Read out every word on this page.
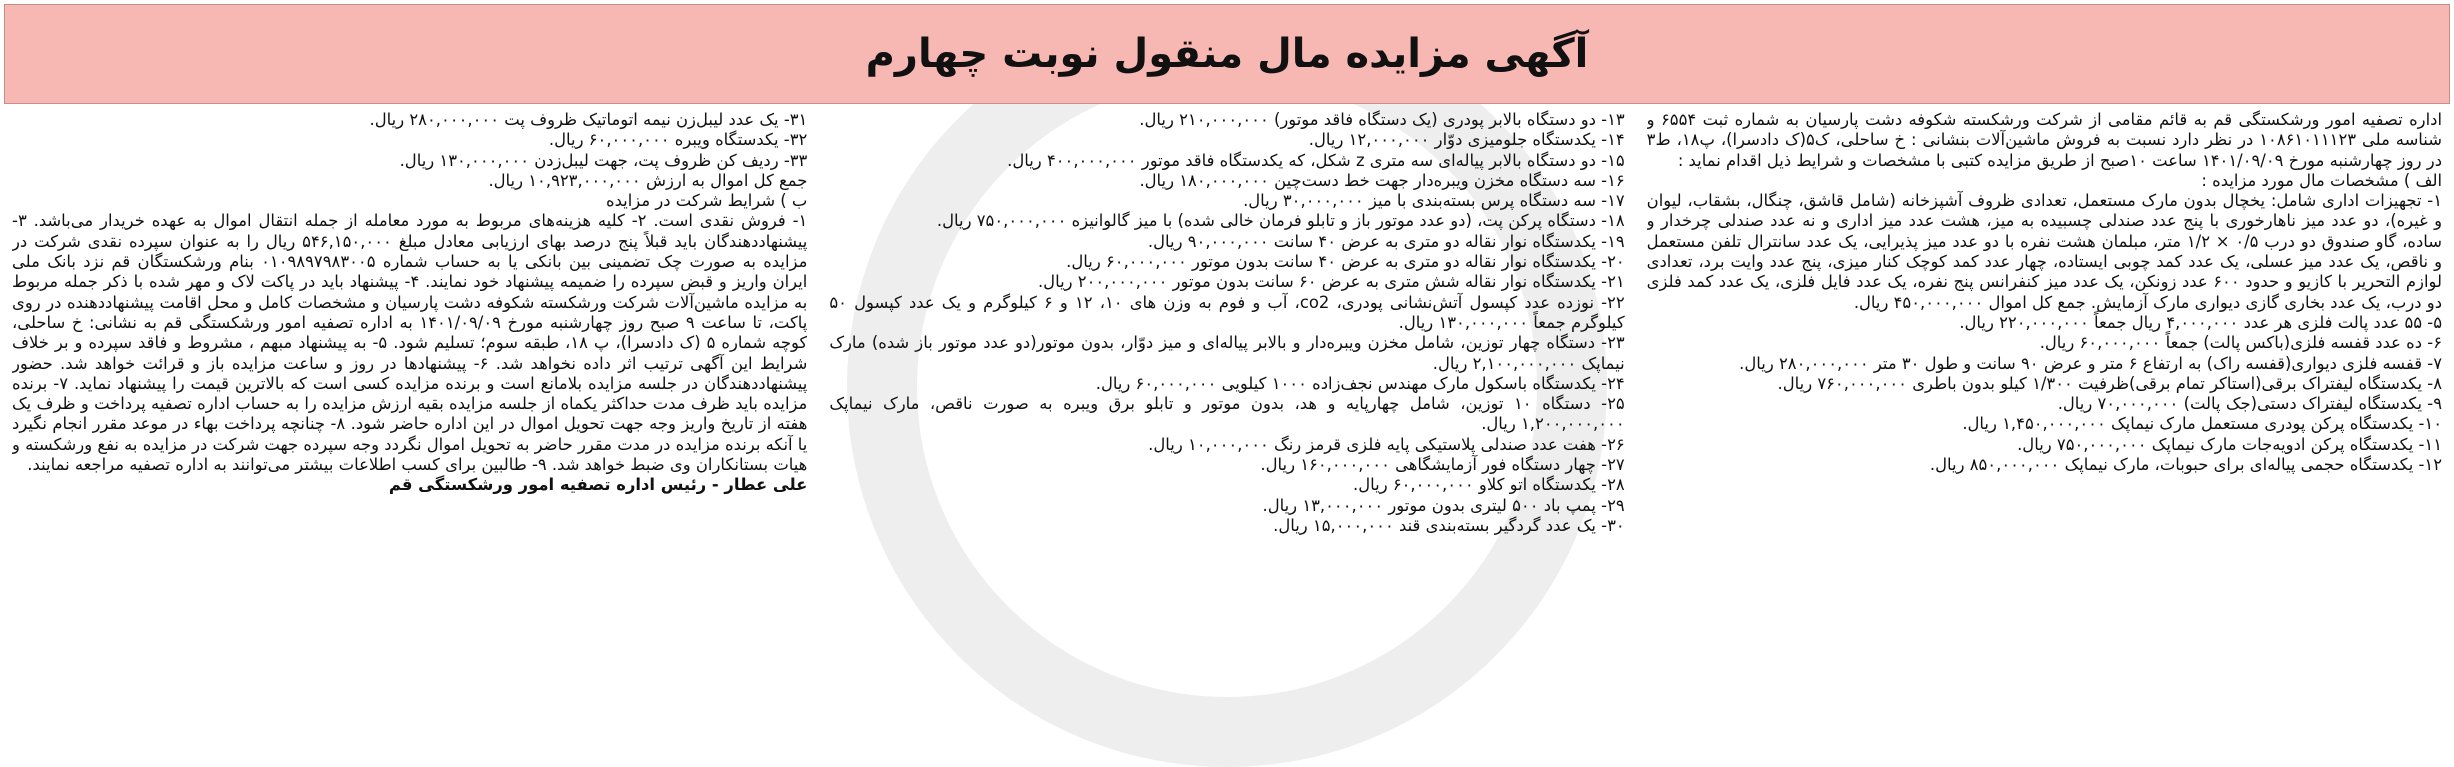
آگهی مزایده مال منقول نوبت چهارم

اداره تصفیه امور ورشکستگی قم به قائم مقامی از شرکت ورشکسته شکوفه دشت پارسیان به شماره ثبت ۶۵۵۴ و شناسه ملی ۱۰۸۶۱۰۱۱۱۲۳ در نظر دارد نسبت به فروش ماشین‌آلات بنشانی : خ ساحلی، ک۵(ک دادسرا)، پ۱۸، ط۳ در روز چهارشنبه مورخ ۱۴۰۱/۰۹/۰۹ ساعت ۱۰صبح از طریق مزایده کتبی با مشخصات و شرایط ذیل اقدام نماید :

الف ) مشخصات مال مورد مزایده :

۱- تجهیزات اداری شامل: یخچال بدون مارک مستعمل، تعدادی ظروف آشپزخانه (شامل قاشق، چنگال، بشقاب، لیوان و غیره)، دو عدد میز ناهارخوری با پنج عدد صندلی چسبیده به میز، هشت عدد میز اداری و نه عدد صندلی چرخدار و ساده، گاو صندوق دو درب ۰/۵ × ۱/۲ متر، مبلمان هشت نفره با دو عدد میز پذیرایی، یک عدد سانترال تلفن مستعمل و ناقص، یک عدد میز عسلی، یک عدد کمد چوبی ایستاده، چهار عدد کمد کوچک کنار میزی، پنج عدد وایت برد، تعدادی لوازم التحریر با کازیو و حدود ۶۰۰ عدد زونکن، یک عدد میز کنفرانس پنج نفره، یک عدد فایل فلزی، یک عدد کمد فلزی دو درب، یک عدد بخاری گازی دیواری مارک آزمایش. جمع کل اموال ۴۵۰,۰۰۰,۰۰۰ ریال.

۵- ۵۵ عدد پالت فلزی هر عدد ۴,۰۰۰,۰۰۰ ریال جمعاً ۲۲۰,۰۰۰,۰۰۰ ریال.

۶- ده عدد قفسه فلزی(باکس پالت) جمعاً ۶۰,۰۰۰,۰۰۰ ریال.

۷- قفسه فلزی دیواری(قفسه راک) به ارتفاع ۶ متر و عرض ۹۰ سانت و طول ۳۰ متر ۲۸۰,۰۰۰,۰۰۰ ریال.

۸- یکدستگاه لیفتراک برقی(استاکر تمام برقی)ظرفیت ۱/۳۰۰ کیلو بدون باطری ۷۶۰,۰۰۰,۰۰۰ ریال.

۹- یکدستگاه لیفتراک دستی(جک پالت) ۷۰,۰۰۰,۰۰۰ ریال.

۱۰- یکدستگاه پرکن پودری مستعمل مارک نیماپک ۱,۴۵۰,۰۰۰,۰۰۰ ریال.

۱۱- یکدستگاه پرکن ادویه‌جات مارک نیماپک ۷۵۰,۰۰۰,۰۰۰ ریال.

۱۲- یکدستگاه حجمی پیاله‌ای برای حبوبات، مارک نیماپک ۸۵۰,۰۰۰,۰۰۰ ریال.

۱۳- دو دستگاه بالابر پودری (یک دستگاه فاقد موتور) ۲۱۰,۰۰۰,۰۰۰ ریال.

۱۴- یکدستگاه جلومیزی دوّار ۱۲,۰۰۰,۰۰۰ ریال.

۱۵- دو دستگاه بالابر پیاله‌ای سه متری z شکل، که یکدستگاه فاقد موتور ۴۰۰,۰۰۰,۰۰۰ ریال.

۱۶- سه دستگاه مخزن ویبره‌دار جهت خط دست‌چین ۱۸۰,۰۰۰,۰۰۰ ریال.

۱۷- سه دستگاه پرس بسته‌بندی با میز ۳۰,۰۰۰,۰۰۰ ریال.

۱۸- دستگاه پرکن پت، (دو عدد موتور باز و تابلو فرمان خالی شده) با میز گالوانیزه ۷۵۰,۰۰۰,۰۰۰ ریال.

۱۹- یکدستگاه نوار نقاله دو متری به عرض ۴۰ سانت ۹۰,۰۰۰,۰۰۰ ریال.

۲۰- یکدستگاه نوار نقاله دو متری به عرض ۴۰ سانت بدون موتور ۶۰,۰۰۰,۰۰۰ ریال.

۲۱- یکدستگاه نوار نقاله شش متری به عرض ۶۰ سانت بدون موتور ۲۰۰,۰۰۰,۰۰۰ ریال.

۲۲- نوزده عدد کپسول آتش‌نشانی پودری، co2، آب و فوم به وزن های ۱۰، ۱۲ و ۶ کیلوگرم و یک عدد کپسول ۵۰ کیلوگرم جمعاً ۱۳۰,۰۰۰,۰۰۰ ریال.

۲۳- دستگاه چهار توزین، شامل مخزن ویبره‌دار و بالابر پیاله‌ای و میز دوّار، بدون موتور(دو عدد موتور باز شده) مارک نیماپک ۲,۱۰۰,۰۰۰,۰۰۰ ریال.

۲۴- یکدستگاه باسکول مارک مهندس نجف‌زاده ۱۰۰۰ کیلویی ۶۰,۰۰۰,۰۰۰ ریال.

۲۵- دستگاه ۱۰ توزین، شامل چهارپایه و هد، بدون موتور و تابلو برق ویبره به صورت ناقص، مارک نیماپک ۱,۲۰۰,۰۰۰,۰۰۰ ریال.

۲۶- هفت عدد صندلی پلاستیکی پایه فلزی قرمز رنگ ۱۰,۰۰۰,۰۰۰ ریال.

۲۷- چهار دستگاه فور آزمایشگاهی ۱۶۰,۰۰۰,۰۰۰ ریال.

۲۸- یکدستگاه اتو کلاو ۶۰,۰۰۰,۰۰۰ ریال.

۲۹- پمپ باد ۵۰۰ لیتری بدون موتور ۱۳,۰۰۰,۰۰۰ ریال.

۳۰- یک عدد گردگیر بسته‌بندی قند ۱۵,۰۰۰,۰۰۰ ریال.

۳۱- یک عدد لیبل‌زن نیمه اتوماتیک ظروف پت ۲۸۰,۰۰۰,۰۰۰ ریال.

۳۲- یکدستگاه ویبره ۶۰,۰۰۰,۰۰۰ ریال.

۳۳- ردیف کن ظروف پت، جهت لیبل‌زدن ۱۳۰,۰۰۰,۰۰۰ ریال.

جمع کل اموال به ارزش ۱۰,۹۲۳,۰۰۰,۰۰۰ ریال.

ب ) شرایط شرکت در مزایده

۱- فروش نقدی است. ۲- کلیه هزینه‌های مربوط به مورد معامله از جمله انتقال اموال به عهده خریدار می‌باشد. ۳- پیشنهاددهندگان باید قبلاً پنج درصد بهای ارزیابی معادل مبلغ ۵۴۶,۱۵۰,۰۰۰ ریال را به عنوان سپرده نقدی شرکت در مزایده به صورت چک تضمینی بین بانکی یا به حساب شماره ۰۱۰۹۸۹۷۹۸۳۰۰۵ بنام ورشکستگان قم نزد بانک ملی ایران واریز و قبض سپرده را ضمیمه پیشنهاد خود نمایند. ۴- پیشنهاد باید در پاکت لاک و مهر شده با ذکر جمله مربوط به مزایده ماشین‌آلات شرکت ورشکسته شکوفه دشت پارسیان و مشخصات کامل و محل اقامت پیشنهاددهنده در روی پاکت، تا ساعت ۹ صبح روز چهارشنبه مورخ ۱۴۰۱/۰۹/۰۹ به اداره تصفیه امور ورشکستگی قم به نشانی: خ ساحلی، کوچه شماره ۵ (ک دادسرا)، پ ۱۸، طبقه سوم؛ تسلیم شود. ۵- به پیشنهاد مبهم ، مشروط و فاقد سپرده و بر خلاف شرایط این آگهی ترتیب اثر داده نخواهد شد. ۶- پیشنهادها در روز و ساعت مزایده باز و قرائت خواهد شد. حضور پیشنهاددهندگان در جلسه مزایده بلامانع است و برنده مزایده کسی است که بالاترین قیمت را پیشنهاد نماید. ۷- برنده مزایده باید ظرف مدت حداکثر یکماه از جلسه مزایده بقیه ارزش مزایده را به حساب اداره تصفیه پرداخت و ظرف یک هفته از تاریخ واریز وجه جهت تحویل اموال در این اداره حاضر شود. ۸- چنانچه پرداخت بهاء در موعد مقرر انجام نگیرد یا آنکه برنده مزایده در مدت مقرر حاضر به تحویل اموال نگردد وجه سپرده جهت شرکت در مزایده به نفع ورشکسته و هیات بستانکاران وی ضبط خواهد شد. ۹- طالبین برای کسب اطلاعات بیشتر می‌توانند به اداره تصفیه مراجعه نمایند.

علی عطار - رئیس اداره تصفیه امور ورشکستگی قم
